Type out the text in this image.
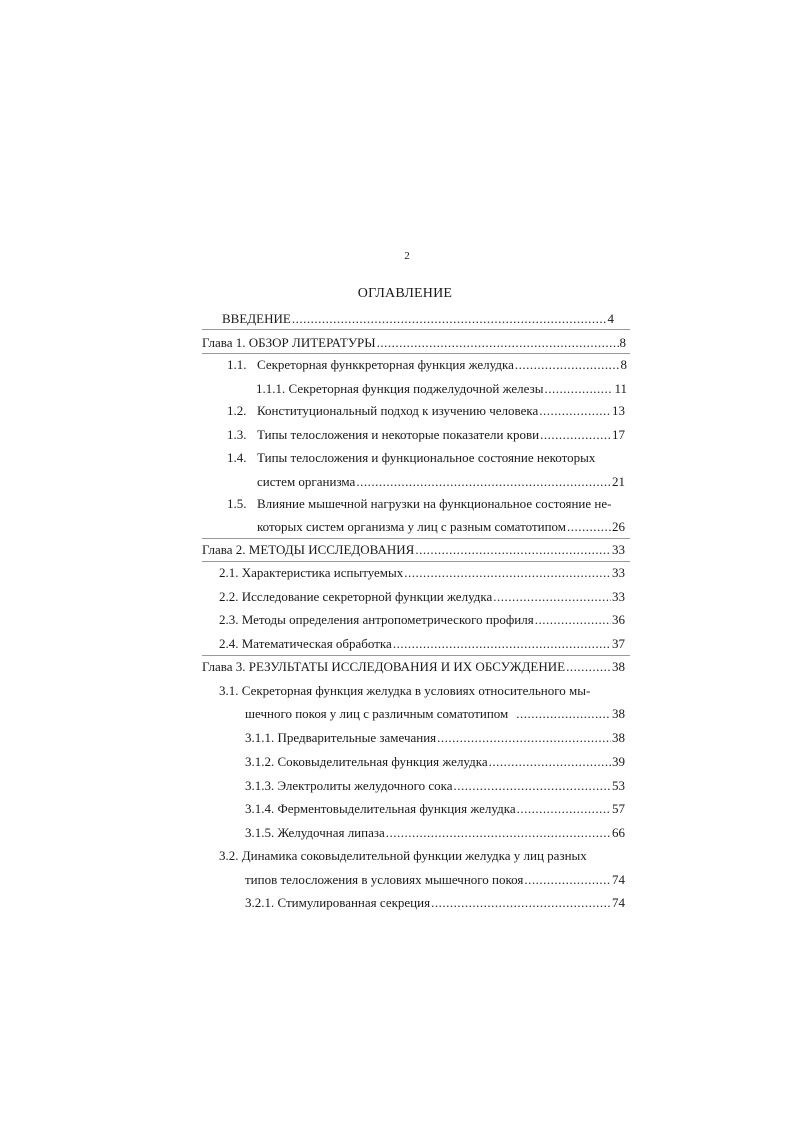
2
ОГЛАВЛЕНИЕ
ВВЕДЕНИЕ .....	4
Глава 1. ОБЗОР ЛИТЕРАТУРЫ .....	8
1.1. Секреторная функкреторная функция желудка .....	8
1.1.1. Секреторная функция поджелудочной железы .....	11
1.2. Конституциональный подход к изучению человека .....	13
1.3. Типы телосложения и некоторые показатели крови .....	17
1.4. Типы телосложения и функциональное состояние некоторых
систем организма .....	21
1.5. Влияние мышечной нагрузки на функциональное состояние не-
которых систем организма у лиц с разным соматотипом .....	26
Глава 2. МЕТОДЫ ИССЛЕДОВАНИЯ .....	33
2.1. Характеристика испытуемых .....	33
2.2. Исследование секреторной функции желудка .....	33
2.3. Методы определения антропометрического профиля .....	36
2.4. Математическая обработка .....	37
Глава 3. РЕЗУЛЬТАТЫ ИССЛЕДОВАНИЯ И ИХ ОБСУЖДЕНИЕ .....	38
3.1. Секреторная функция желудка в условиях относительного мы-
шечного покоя у лиц с различным соматотипом .....	38
3.1.1. Предварительные замечания .....	38
3.1.2. Соковыделительная функция желудка .....	39
3.1.3. Электролиты желудочного сока .....	53
3.1.4. Ферментовыделительная функция желудка .....	57
3.1.5. Желудочная липаза .....	66
3.2. Динамика соковыделительной функции желудка у лиц разных
типов телосложения в условиях мышечного покоя .....	74
3.2.1. Стимулированная секреция .....	74
